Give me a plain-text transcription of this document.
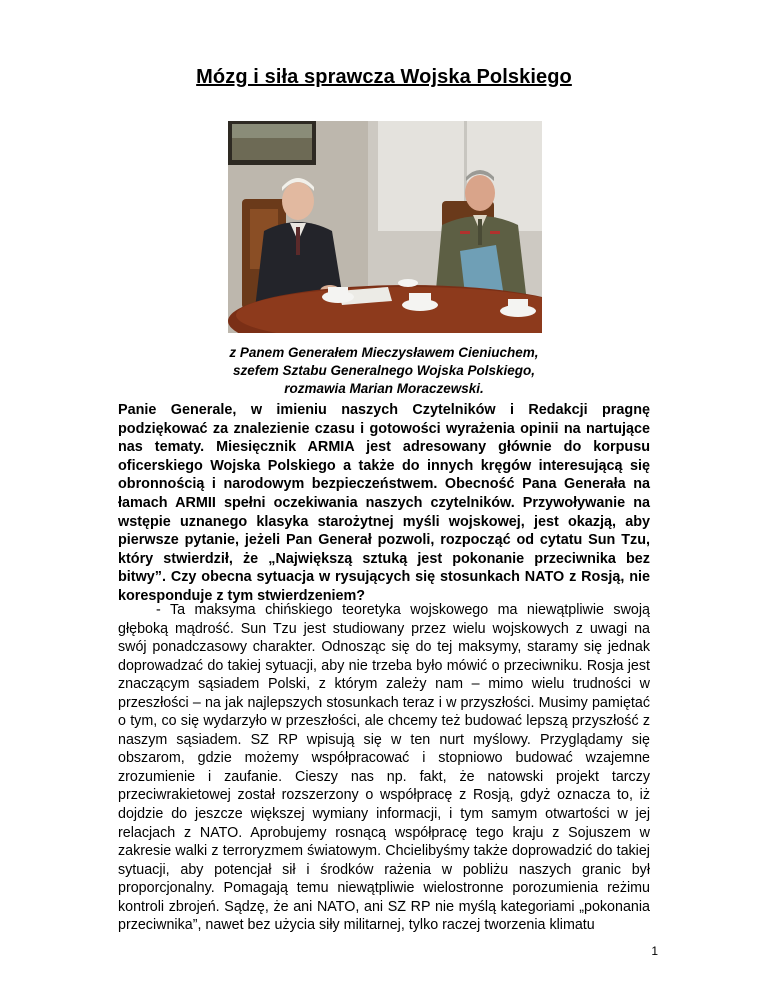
Mózg i siła sprawcza Wojska Polskiego
z Panem Generałem Mieczysławem Cieniuchem,
szefem Sztabu Generalnego Wojska Polskiego,
rozmawia Marian Moraczewski.
Panie Generale, w imieniu naszych Czytelników i Redakcji pragnę podziękować za znalezienie czasu i gotowości wyrażenia opinii na nartujące nas tematy. Miesięcznik ARMIA jest adresowany głównie do korpusu oficerskiego Wojska Polskiego a także do innych kręgów interesującą się obronnością i narodowym bezpieczeństwem. Obecność Pana Generała na łamach ARMII spełni oczekiwania naszych czytelników. Przywoływanie na wstępie uznanego klasyka starożytnej myśli wojskowej, jest okazją, aby pierwsze pytanie, jeżeli Pan Generał pozwoli, rozpocząć od cytatu Sun Tzu, który stwierdził, że „Największą sztuką jest pokonanie przeciwnika bez bitwy”. Czy obecna sytuacja w rysujących się stosunkach NATO z Rosją, nie koresponduje z tym stwierdzeniem?
- Ta maksyma chińskiego teoretyka wojskowego ma niewątpliwie swoją głęboką mądrość. Sun Tzu jest studiowany przez wielu wojskowych z uwagi na swój ponadczasowy charakter. Odnosząc się do tej maksymy, staramy się jednak doprowadzać do takiej sytuacji, aby nie trzeba było mówić o przeciwniku. Rosja jest znaczącym sąsiadem Polski, z którym zależy nam – mimo wielu trudności w przeszłości – na jak najlepszych stosunkach teraz i w przyszłości. Musimy pamiętać o tym, co się wydarzyło w przeszłości, ale chcemy też budować lepszą przyszłość z naszym sąsiadem. SZ RP wpisują się w ten nurt myślowy. Przyglądamy się obszarom, gdzie możemy współpracować i stopniowo budować wzajemne zrozumienie i zaufanie. Cieszy nas np. fakt, że natowski projekt tarczy przeciwrakietowej został rozszerzony o współpracę z Rosją, gdyż oznacza to, iż dojdzie do jeszcze większej wymiany informacji, i tym samym otwartości w jej relacjach z NATO. Aprobujemy rosnącą współpracę tego kraju z Sojuszem w zakresie walki z terroryzmem światowym. Chcielibyśmy także doprowadzić do takiej sytuacji, aby potencjał sił i środków rażenia w pobliżu naszych granic był proporcjonalny. Pomagają temu niewątpliwie wielostronne porozumienia reżimu kontroli zbrojeń. Sądzę, że ani NATO, ani SZ RP nie myślą kategoriami „pokonania przeciwnika”, nawet bez użycia siły militarnej, tylko raczej tworzenia klimatu
1
